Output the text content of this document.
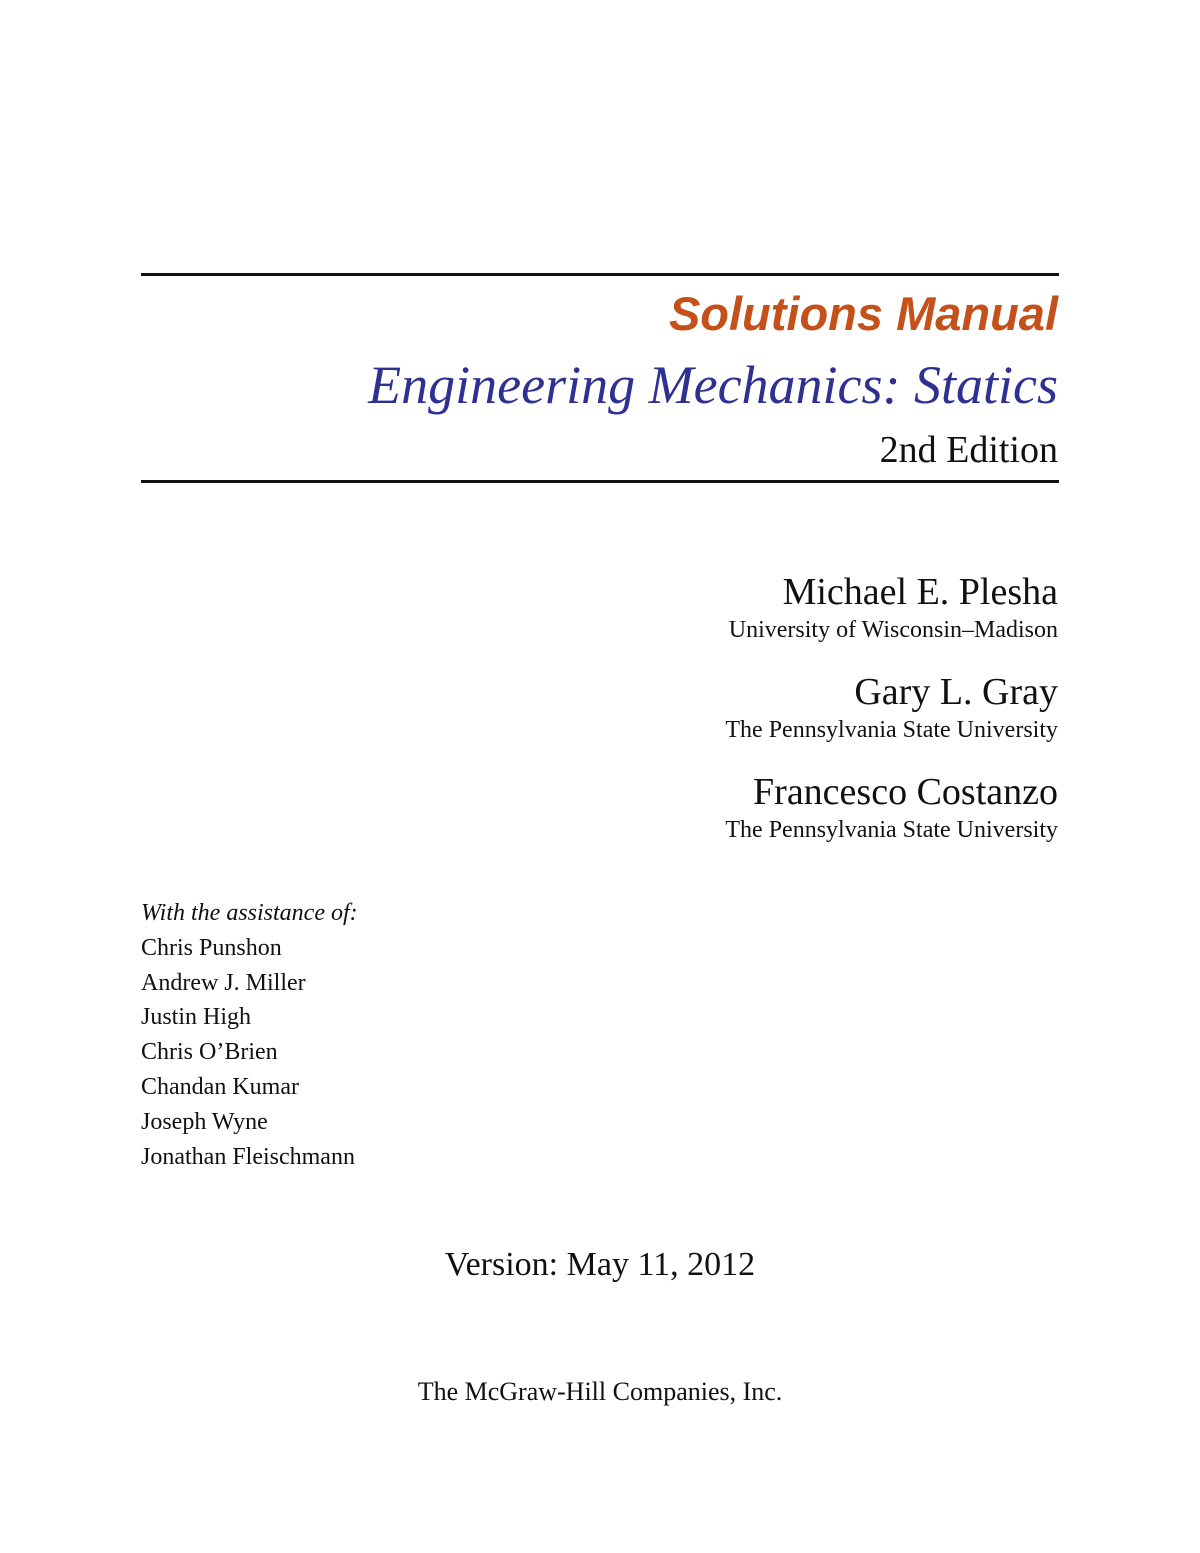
Solutions Manual
Engineering Mechanics: Statics
2nd Edition
Michael E. Plesha
University of Wisconsin–Madison
Gary L. Gray
The Pennsylvania State University
Francesco Costanzo
The Pennsylvania State University
With the assistance of:
Chris Punshon
Andrew J. Miller
Justin High
Chris O’Brien
Chandan Kumar
Joseph Wyne
Jonathan Fleischmann
Version: May 11, 2012
The McGraw-Hill Companies, Inc.
